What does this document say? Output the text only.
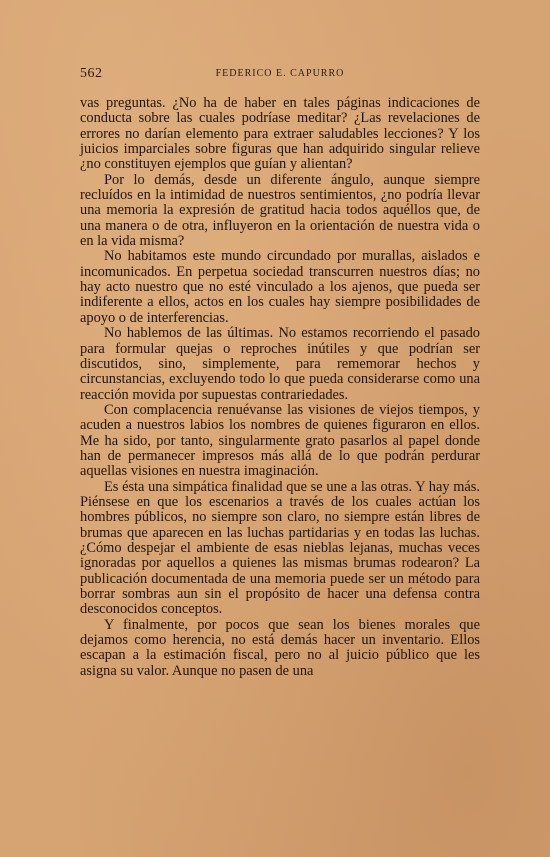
562	FEDERICO E. CAPURRO

vas preguntas. ¿No ha de haber en tales páginas indicaciones de conducta sobre las cuales podríase meditar? ¿Las revelaciones de errores no darían elemento para extraer saludables lecciones? Y los juicios imparciales sobre figuras que han adquirido singular relieve ¿no constituyen ejemplos que guían y alientan?

Por lo demás, desde un diferente ángulo, aunque siempre recluídos en la intimidad de nuestros sentimientos, ¿no podría llevar una memoria la expresión de gratitud hacia todos aquéllos que, de una manera o de otra, influyeron en la orientación de nuestra vida o en la vida misma?

No habitamos este mundo circundado por murallas, aislados e incomunicados. En perpetua sociedad transcurren nuestros días; no hay acto nuestro que no esté vinculado a los ajenos, que pueda ser indiferente a ellos, actos en los cuales hay siempre posibilidades de apoyo o de interferencias.

No hablemos de las últimas. No estamos recorriendo el pasado para formular quejas o reproches inútiles y que podrían ser discutidos, sino, simplemente, para rememorar hechos y circunstancias, excluyendo todo lo que pueda considerarse como una reacción movida por supuestas contrariedades.

Con complacencia renuévanse las visiones de viejos tiempos, y acuden a nuestros labios los nombres de quienes figuraron en ellos. Me ha sido, por tanto, singularmente grato pasarlos al papel donde han de permanecer impresos más allá de lo que podrán perdurar aquellas visiones en nuestra imaginación.

Es ésta una simpática finalidad que se une a las otras. Y hay más. Piénsese en que los escenarios a través de los cuales actúan los hombres públicos, no siempre son claro, no siempre están libres de brumas que aparecen en las luchas partidarias y en todas las luchas. ¿Cómo despejar el ambiente de esas nieblas lejanas, muchas veces ignoradas por aquellos a quienes las mismas brumas rodearon? La publicación documentada de una memoria puede ser un método para borrar sombras aun sin el propósito de hacer una defensa contra desconocidos conceptos.

Y finalmente, por pocos que sean los bienes morales que dejamos como herencia, no está demás hacer un inventario. Ellos escapan a la estimación fiscal, pero no al juicio público que les asigna su valor. Aunque no pasen de una
